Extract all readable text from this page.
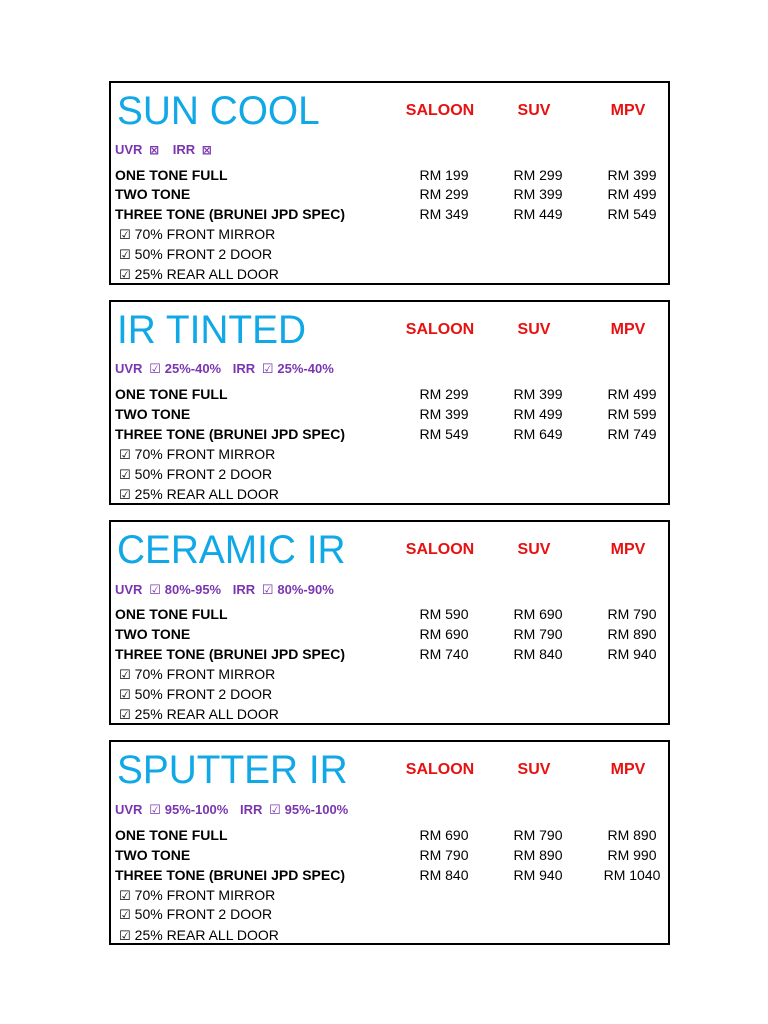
SUN COOL	SALOON	SUV	MPV
UVR ⊠ IRR ⊠
ONE TONE FULL	RM 199	RM 299	RM 399
TWO TONE	RM 299	RM 399	RM 499
THREE TONE (BRUNEI JPD SPEC)	RM 349	RM 449	RM 549
☑ 70% FRONT MIRROR
☑ 50% FRONT 2 DOOR
☑ 25% REAR ALL DOOR
IR TINTED	SALOON	SUV	MPV
UVR ☑ 25%-40% IRR ☑ 25%-40%
ONE TONE FULL	RM 299	RM 399	RM 499
TWO TONE	RM 399	RM 499	RM 599
THREE TONE (BRUNEI JPD SPEC)	RM 549	RM 649	RM 749
☑ 70% FRONT MIRROR
☑ 50% FRONT 2 DOOR
☑ 25% REAR ALL DOOR
CERAMIC IR	SALOON	SUV	MPV
UVR ☑ 80%-95% IRR ☑ 80%-90%
ONE TONE FULL	RM 590	RM 690	RM 790
TWO TONE	RM 690	RM 790	RM 890
THREE TONE (BRUNEI JPD SPEC)	RM 740	RM 840	RM 940
☑ 70% FRONT MIRROR
☑ 50% FRONT 2 DOOR
☑ 25% REAR ALL DOOR
SPUTTER IR	SALOON	SUV	MPV
UVR ☑ 95%-100% IRR ☑ 95%-100%
ONE TONE FULL	RM 690	RM 790	RM 890
TWO TONE	RM 790	RM 890	RM 990
THREE TONE (BRUNEI JPD SPEC)	RM 840	RM 940	RM 1040
☑ 70% FRONT MIRROR
☑ 50% FRONT 2 DOOR
☑ 25% REAR ALL DOOR
